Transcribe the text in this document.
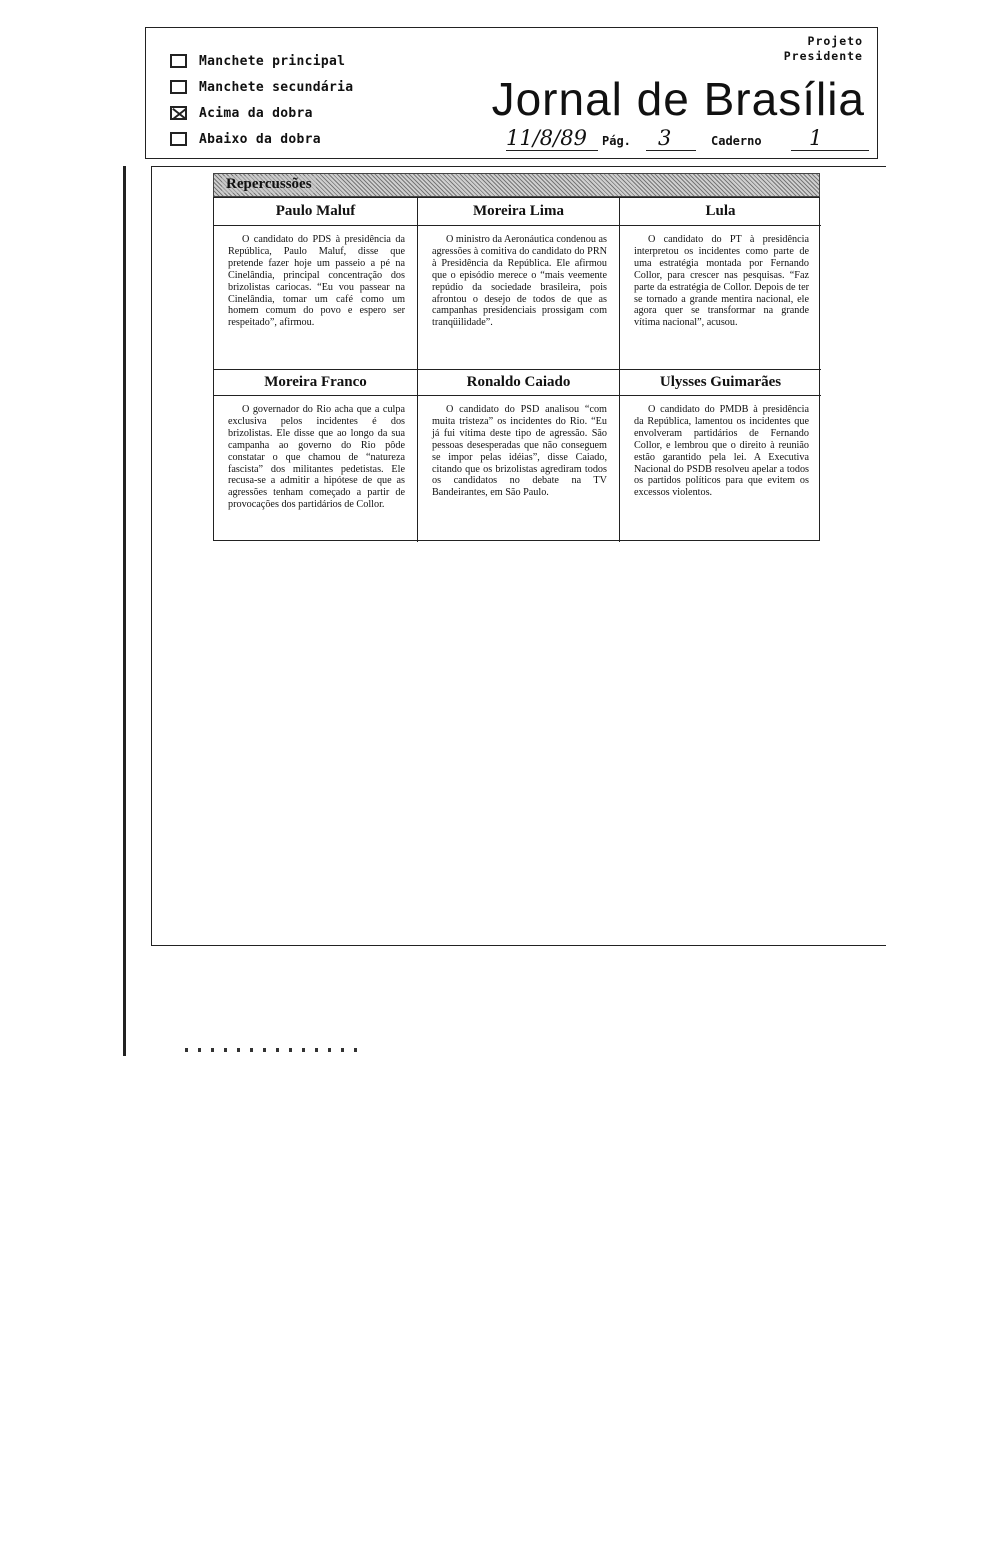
Manchete principal
Manchete secundária
Acima da dobra
Abaixo da dobra
Projeto
Presidente
Jornal de Brasília
11/8/89 Pág. 3	Caderno 1
Repercussões
Paulo Maluf	Moreira Lima	Lula
O candidato do PDS à presidência da República, Paulo Maluf, disse que pretende fazer hoje um passeio a pé na Cinelândia, principal concentração dos brizolistas cariocas. “Eu vou passear na Cinelândia, tomar um café como um homem comum do povo e espero ser respeitado”, afirmou.
O ministro da Aeronáutica condenou as agressões à comitiva do candidato do PRN à Presidência da República. Ele afirmou que o episódio merece o “mais veemente repúdio da sociedade brasileira, pois afrontou o desejo de todos de que as campanhas presidenciais prossigam com tranqüilidade”.
O candidato do PT à presidência interpretou os incidentes como parte de uma estratégia montada por Fernando Collor, para crescer nas pesquisas. “Faz parte da estratégia de Collor. Depois de ter se tornado a grande mentira nacional, ele agora quer se transformar na grande vítima nacional”, acusou.
Moreira Franco	Ronaldo Caiado	Ulysses Guimarães
O governador do Rio acha que a culpa exclusiva pelos incidentes é dos brizolistas. Ele disse que ao longo da sua campanha ao governo do Rio pôde constatar o que chamou de “natureza fascista” dos militantes pedetistas. Ele recusa-se a admitir a hipótese de que as agressões tenham começado a partir de provocações dos partidários de Collor.
O candidato do PSD analisou “com muita tristeza” os incidentes do Rio. “Eu já fui vítima deste tipo de agressão. São pessoas desesperadas que não conseguem se impor pelas idéias”, disse Caiado, citando que os brizolistas agrediram todos os candidatos no debate na TV Bandeirantes, em São Paulo.
O candidato do PMDB à presidência da República, lamentou os incidentes que envolveram partidários de Fernando Collor, e lembrou que o direito à reunião estão garantido pela lei. A Executiva Nacional do PSDB resolveu apelar a todos os partidos políticos para que evitem os excessos violentos.
